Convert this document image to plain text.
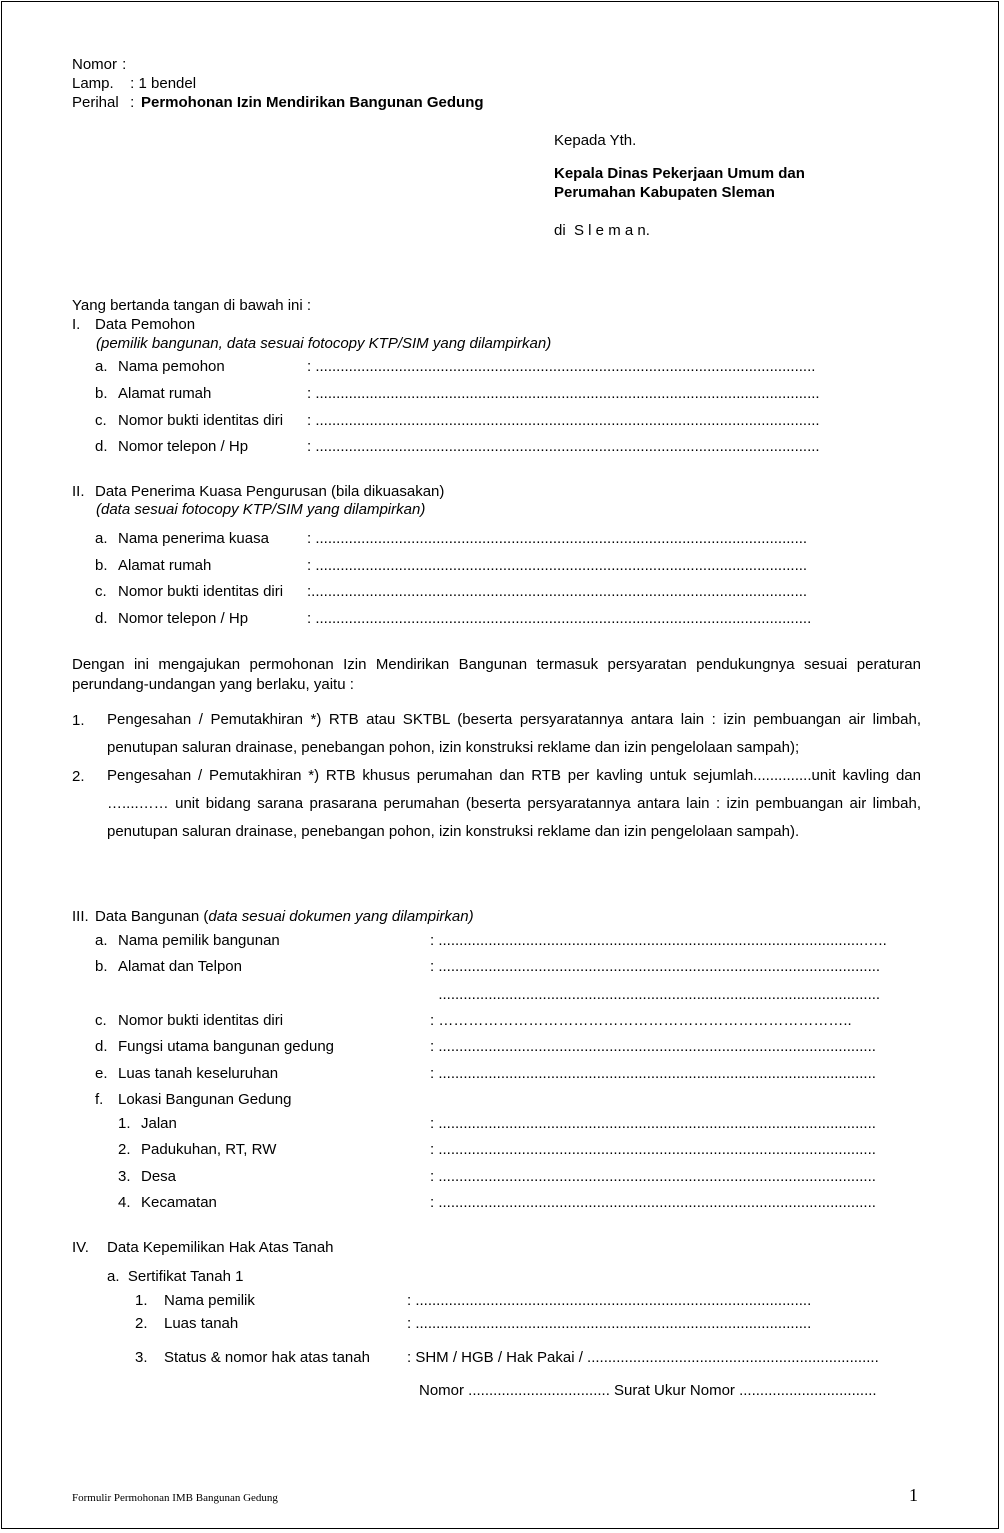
Nomor :
Lamp. : 1 bendel
Perihal : Permohonan Izin Mendirikan Bangunan Gedung
Kepada Yth.
Kepala Dinas Pekerjaan Umum dan
Perumahan Kabupaten Sleman
di  S l e m a n.
Yang bertanda tangan di bawah ini :
I. Data Pemohon
(pemilik bangunan, data sesuai fotocopy KTP/SIM yang dilampirkan)
a. Nama pemohon	: ........................................................................................................................
b. Alamat rumah	: .........................................................................................................................
c. Nomor bukti identitas diri : .........................................................................................................................
d. Nomor telepon / Hp	: .........................................................................................................................
II. Data Penerima Kuasa Pengurusan (bila dikuasakan)
(data sesuai fotocopy KTP/SIM yang dilampirkan)
a. Nama penerima kuasa	: ......................................................................................................................
b. Alamat rumah	: ......................................................................................................................
c. Nomor bukti identitas diri :.......................................................................................................................
d. Nomor telepon / Hp	: .......................................................................................................................
Dengan ini mengajukan permohonan Izin Mendirikan Bangunan termasuk persyaratan pendukungnya sesuai peraturan perundang-undangan yang berlaku, yaitu :
1. Pengesahan / Pemutakhiran *) RTB atau SKTBL (beserta persyaratannya antara lain : izin pembuangan air limbah, penutupan saluran drainase, penebangan pohon, izin konstruksi reklame dan izin pengelolaan sampah);
2. Pengesahan / Pemutakhiran *) RTB khusus perumahan dan RTB per kavling untuk sejumlah..............unit kavling dan …....…… unit bidang sarana prasarana perumahan (beserta persyaratannya antara lain : izin pembuangan air limbah, penutupan saluran drainase, penebangan pohon, izin konstruksi reklame dan izin pengelolaan sampah).
III. Data Bangunan (data sesuai dokumen yang dilampirkan)
a. Nama pemilik bangunan	: ......................................................................................................…..
b. Alamat dan Telpon	: ..........................................................................................................
..........................................................................................................
c. Nomor bukti identitas diri	: ………………………………………………………………………..
d. Fungsi utama bangunan gedung	: .........................................................................................................
e. Luas tanah keseluruhan	: .........................................................................................................
f. Lokasi Bangunan Gedung
1. Jalan	: .........................................................................................................
2. Padukuhan, RT, RW	: .........................................................................................................
3. Desa	: .........................................................................................................
4. Kecamatan	: .........................................................................................................
IV. Data Kepemilikan Hak Atas Tanah
a.  Sertifikat Tanah 1
1. Nama pemilik	: ...............................................................................................
2. Luas tanah	: ...............................................................................................
3. Status & nomor hak atas tanah : SHM / HGB / Hak Pakai / ......................................................................
Nomor .................................. Surat Ukur Nomor .................................
Formulir Permohonan IMB Bangunan Gedung	1
